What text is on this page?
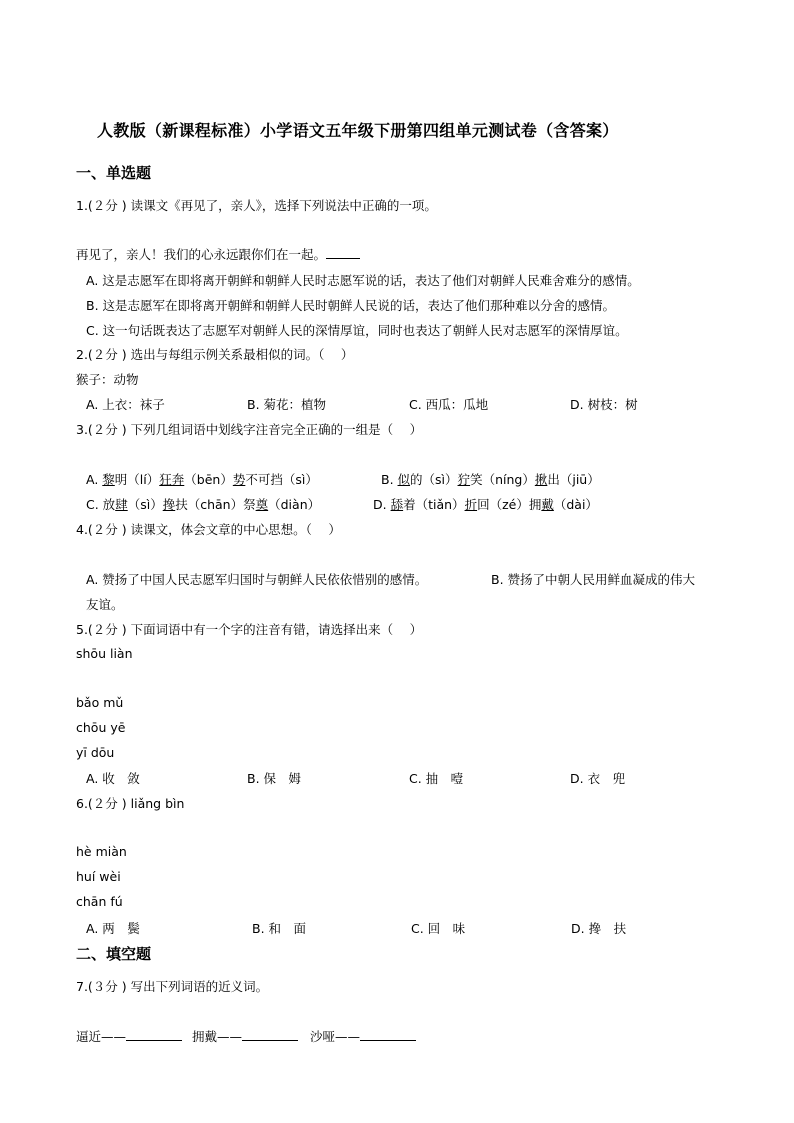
人教版（新课程标准）小学语文五年级下册第四组单元测试卷（含答案）
一、单选题
1.(２分 ) 读课文《再见了，亲人》，选择下列说法中正确的一项。
再见了，亲人！我们的心永远跟你们在一起。
A. 这是志愿军在即将离开朝鲜和朝鲜人民时志愿军说的话，表达了他们对朝鲜人民难舍难分的感情。
B. 这是志愿军在即将离开朝鲜和朝鲜人民时朝鲜人民说的话，表达了他们那种难以分舍的感情。
C. 这一句话既表达了志愿军对朝鲜人民的深情厚谊，同时也表达了朝鲜人民对志愿军的深情厚谊。
2.(２分 ) 选出与每组示例关系最相似的词。（　 ）
猴子：动物
A. 上衣：袜子	B. 菊花：植物	C. 西瓜：瓜地	D. 树枝：树
3.(２分 ) 下列几组词语中划线字注音完全正确的一组是（　 ）
A. 黎明（lí）狂奔（bēn）势不可挡（sì）	B. 似的（sì）狞笑（níng）揪出（jiū）
C. 放肆（sì）搀扶（chān）祭奠（diàn）	D. 舔着（tiǎn）折回（zé）拥戴（dài）
4.(２分 ) 读课文，体会文章的中心思想。（　 ）
A. 赞扬了中国人民志愿军归国时与朝鲜人民依依惜别的感情。	B. 赞扬了中朝人民用鲜血凝成的伟大
友谊。
5.(２分 ) 下面词语中有一个字的注音有错，请选择出来（　 ）
shōu liàn
bǎo mǔ
chōu yē
yī dōu
A. 收　敛	B. 保　姆	C. 抽　噎	D. 衣　兜
6.(２分 ) liǎng bìn
hè miàn
huí wèi
chān fú
A. 两　鬓	B. 和　面	C. 回　味	D. 搀　扶
二、填空题
7.(３分 ) 写出下列词语的近义词。
逼近——	拥戴——	沙哑——
